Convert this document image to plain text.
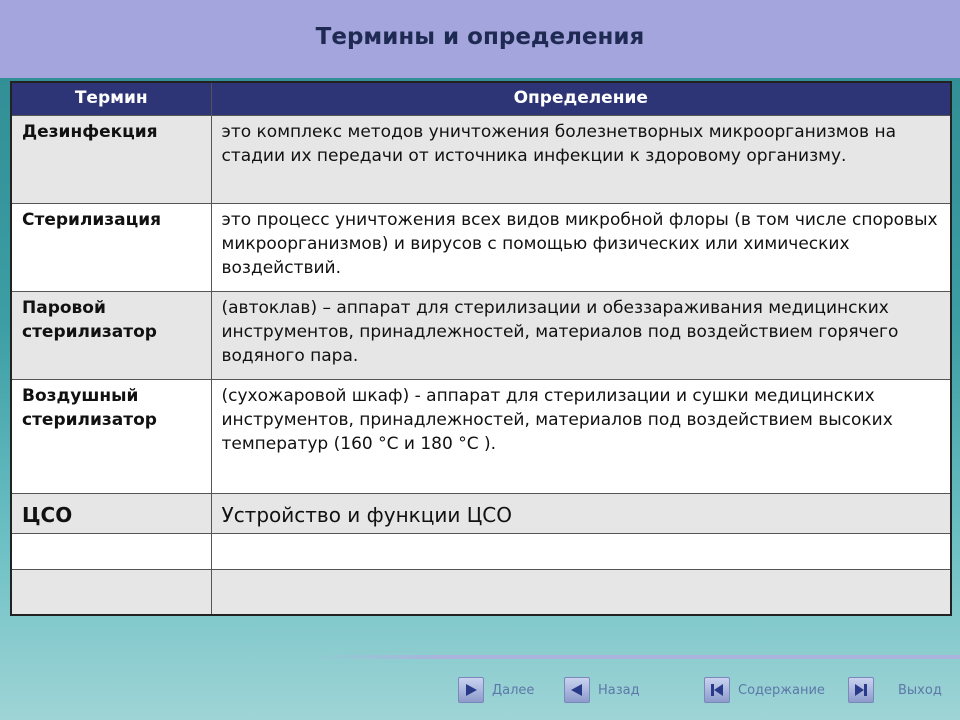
Термины и определения
Термин	Определение
Дезинфекция	это комплекс методов уничтожения болезнетворных микроорганизмов на стадии их передачи от источника инфекции к здоровому организму.
Стерилизация	это процесс уничтожения всех видов микробной флоры (в том числе споровых микроорганизмов) и вирусов с помощью физических или химических воздействий.
Паровой стерилизатор	(автоклав) – аппарат для стерилизации и обеззараживания медицинских инструментов, принадлежностей, материалов под воздействием горячего водяного пара.
Воздушный стерилизатор	(сухожаровой шкаф) - аппарат для стерилизации и сушки медицинских инструментов, принадлежностей, материалов под воздействием высоких температур (160 °C и 180 °C ).
ЦСО	Устройство и функции ЦСО

Далее	Назад	Содержание	Выход
